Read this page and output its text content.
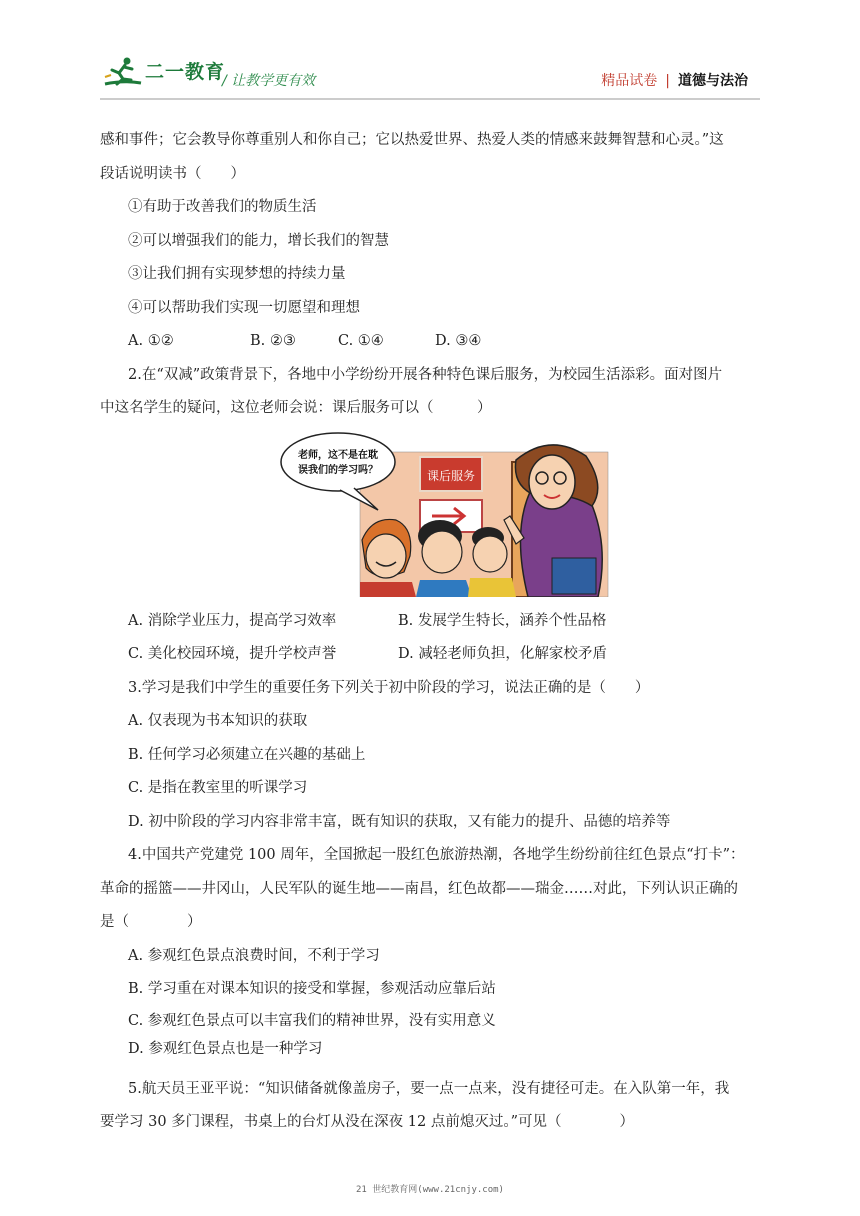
二一教育
/ 让教学更有效	精品试卷 | 道德与法治

感和事件；它会教导你尊重别人和你自己；它以热爱世界、热爱人类的情感来鼓舞智慧和心灵。”这

段话说明读书（　　）

①有助于改善我们的物质生活

②可以增强我们的能力，增长我们的智慧

③让我们拥有实现梦想的持续力量

④可以帮助我们实现一切愿望和理想

A. ①②	B. ②③	C. ①④	D. ③④

2.在“双减”政策背景下，各地中小学纷纷开展各种特色课后服务，为校园生活添彩。面对图片

中这名学生的疑问，这位老师会说：课后服务可以（　　　）

课后服务
老师，这不是在耽
误我们的学习吗？
A. 消除学业压力，提高学习效率	B. 发展学生特长，涵养个性品格
C. 美化校园环境，提升学校声誉	D. 减轻老师负担，化解家校矛盾

3.学习是我们中学生的重要任务下列关于初中阶段的学习，说法正确的是（　　）

A. 仅表现为书本知识的获取

B. 任何学习必须建立在兴趣的基础上

C. 是指在教室里的听课学习

D. 初中阶段的学习内容非常丰富，既有知识的获取，又有能力的提升、品德的培养等

4.中国共产党建党 100 周年，全国掀起一股红色旅游热潮，各地学生纷纷前往红色景点“打卡”：

革命的摇篮——井冈山，人民军队的诞生地——南昌，红色故都——瑞金……对此，下列认识正确的

是（　　　　）

A. 参观红色景点浪费时间，不利于学习

B. 学习重在对课本知识的接受和掌握，参观活动应靠后站

C. 参观红色景点可以丰富我们的精神世界，没有实用意义

D. 参观红色景点也是一种学习

5.航天员王亚平说：“知识储备就像盖房子，要一点一点来，没有捷径可走。在入队第一年，我

要学习 30 多门课程，书桌上的台灯从没在深夜 12 点前熄灭过。”可见（　　　　）

21 世纪教育网(www.21cnjy.com)
